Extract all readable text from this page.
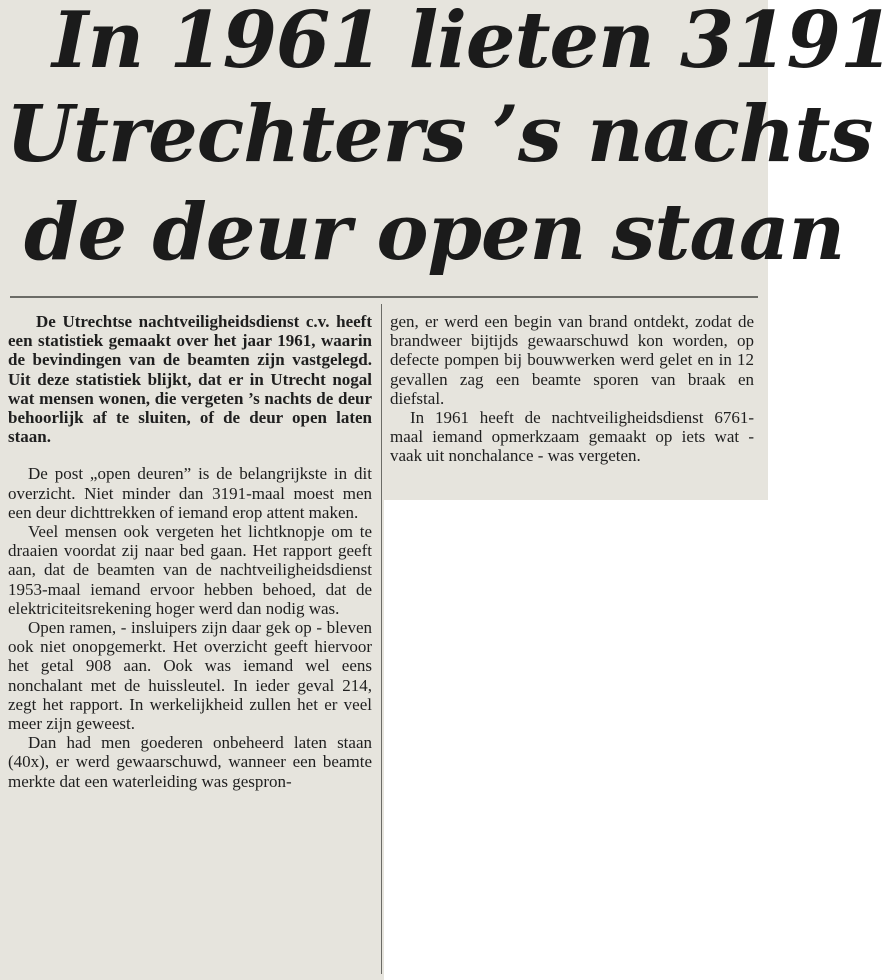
In 1961 lieten 3191
Utrechters ’s nachts
de deur open staan

De Utrechtse nachtveiligheidsdienst c.v. heeft een statistiek gemaakt over het jaar 1961, waarin de bevindingen van de beamten zijn vastgelegd. Uit deze statistiek blijkt, dat er in Utrecht nogal wat mensen wonen, die vergeten ’s nachts de deur behoorlijk af te sluiten, of de deur open laten staan.

De post „open deuren” is de belangrijkste in dit overzicht. Niet minder dan 3191-maal moest men een deur dichttrekken of iemand erop attent maken.

Veel mensen ook vergeten het lichtknopje om te draaien voordat zij naar bed gaan. Het rapport geeft aan, dat de beamten van de nachtveiligheidsdienst 1953-maal iemand ervoor hebben behoed, dat de elektriciteitsrekening hoger werd dan nodig was.

Open ramen, - insluipers zijn daar gek op - bleven ook niet onopgemerkt. Het overzicht geeft hiervoor het getal 908 aan. Ook was iemand wel eens nonchalant met de huissleutel. In ieder geval 214, zegt het rapport. In werkelijkheid zullen het er veel meer zijn geweest.

Dan had men goederen onbeheerd laten staan (40x), er werd gewaarschuwd, wanneer een beamte merkte dat een waterleiding was gespron-

gen, er werd een begin van brand ontdekt, zodat de brandweer bijtijds gewaarschuwd kon worden, op defecte pompen bij bouwwerken werd gelet en in 12 gevallen zag een beamte sporen van braak en diefstal.

In 1961 heeft de nachtveiligheidsdienst 6761-maal iemand opmerkzaam gemaakt op iets wat - vaak uit nonchalance - was vergeten.
